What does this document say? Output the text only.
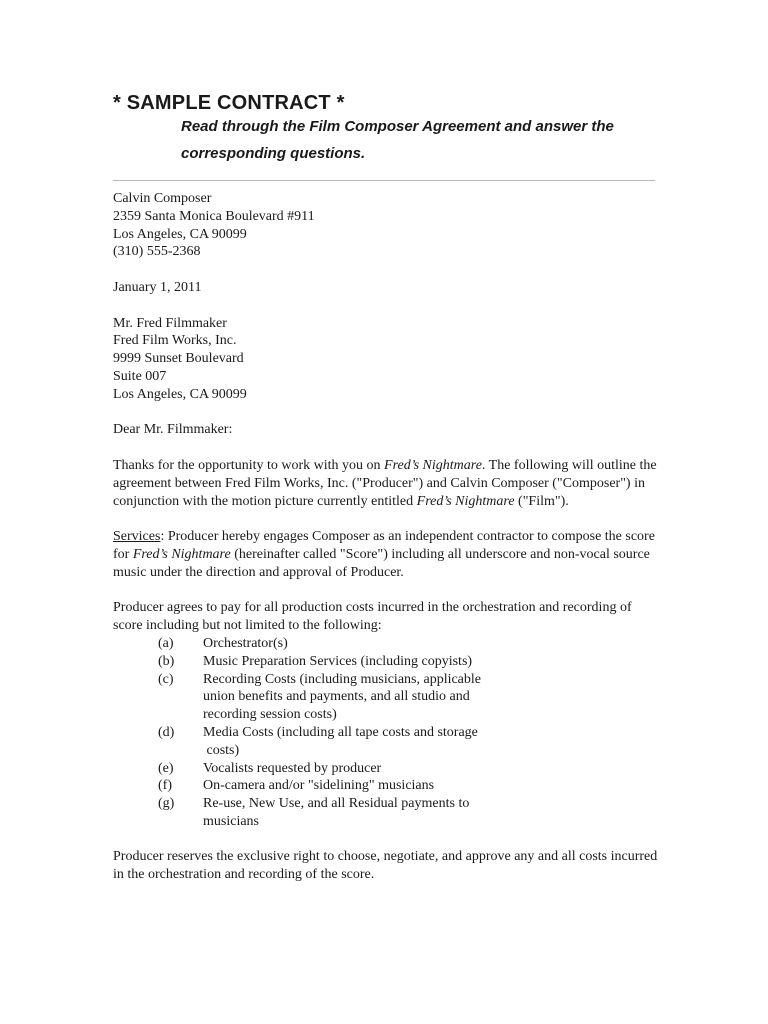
* SAMPLE CONTRACT *
Read through the Film Composer Agreement and answer the
corresponding questions.

Calvin Composer

2359 Santa Monica Boulevard #911

Los Angeles, CA 90099

(310) 555-2368

January 1, 2011

Mr. Fred Filmmaker

Fred Film Works, Inc.

9999 Sunset Boulevard

Suite 007

Los Angeles, CA 90099

Dear Mr. Filmmaker:

Thanks for the opportunity to work with you on Fred’s Nightmare. The following will outline the agreement between Fred Film Works, Inc. ("Producer") and Calvin Composer ("Composer") in conjunction with the motion picture currently entitled Fred’s Nightmare ("Film").

Services: Producer hereby engages Composer as an independent contractor to compose the score for Fred’s Nightmare (hereinafter called "Score") including all underscore and non-vocal source music under the direction and approval of Producer.

Producer agrees to pay for all production costs incurred in the orchestration and recording of score including but not limited to the following:

(a)	Orchestrator(s)
(b)	Music Preparation Services (including copyists)
(c)	Recording Costs (including musicians, applicable
union benefits and payments, and all studio and
recording session costs)
(d)	Media Costs (including all tape costs and storage
costs)
(e)	Vocalists requested by producer
(f)	On-camera and/or "sidelining" musicians
(g)	Re-use, New Use, and all Residual payments to
musicians

Producer reserves the exclusive right to choose, negotiate, and approve any and all costs incurred in the orchestration and recording of the score.
